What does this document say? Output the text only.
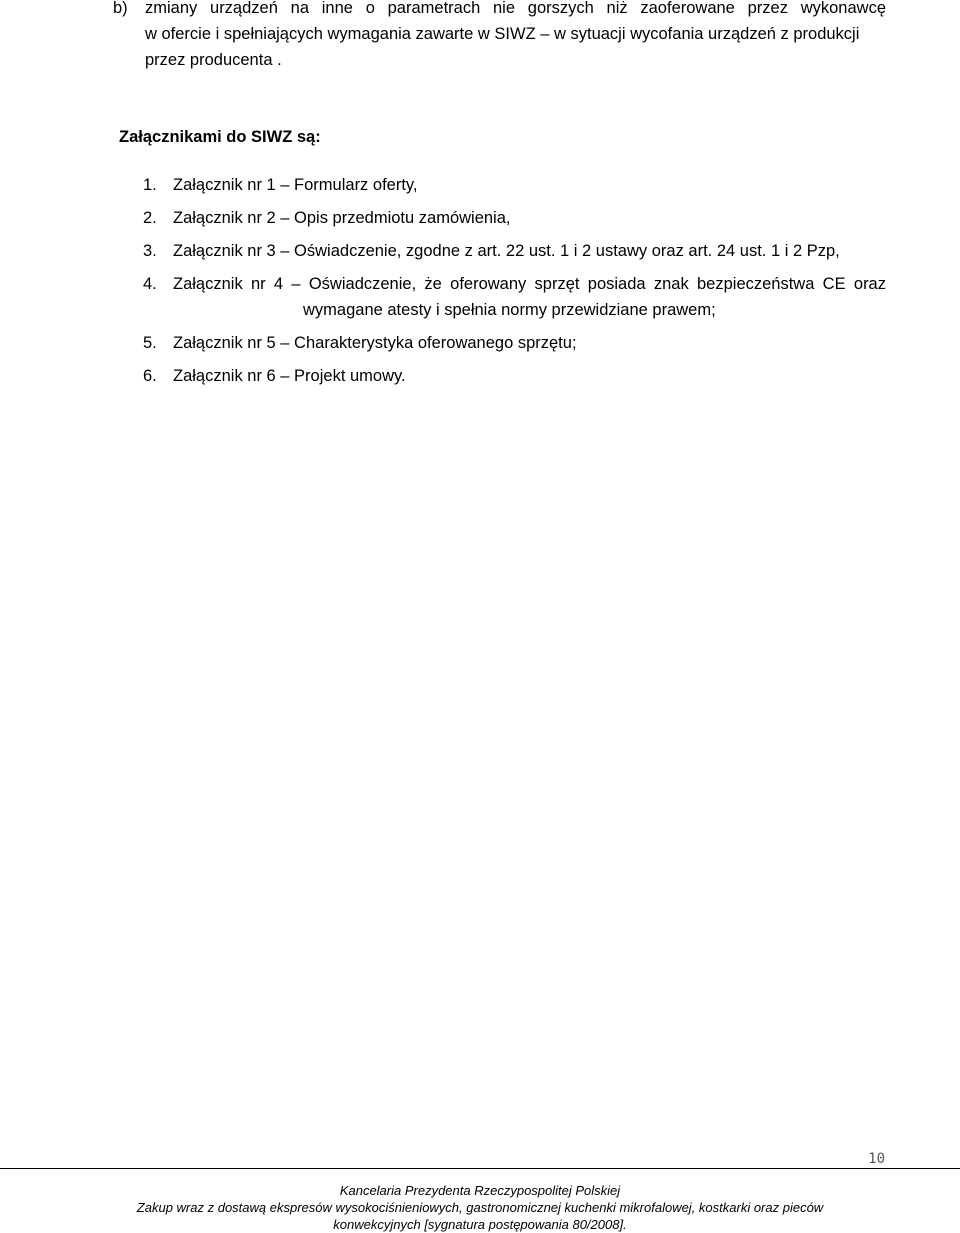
b) zmiany urządzeń na inne o parametrach nie gorszych niż zaoferowane przez wykonawcę
w ofercie i spełniających wymagania zawarte w SIWZ – w sytuacji wycofania urządzeń z produkcji
przez producenta .
Załącznikami do SIWZ są:
1. Załącznik nr 1 – Formularz oferty,
2. Załącznik nr 2 – Opis przedmiotu zamówienia,
3. Załącznik nr 3 – Oświadczenie, zgodne z art. 22 ust. 1 i 2 ustawy oraz art. 24 ust. 1 i 2 Pzp,
4. Załącznik nr 4 – Oświadczenie, że oferowany sprzęt posiada znak bezpieczeństwa CE oraz
wymagane atesty i spełnia normy przewidziane prawem;
5. Załącznik nr 5 – Charakterystyka oferowanego sprzętu;
6. Załącznik nr 6 – Projekt umowy.
10
Kancelaria Prezydenta Rzeczypospolitej Polskiej
Zakup wraz z dostawą ekspresów wysokociśnieniowych, gastronomicznej kuchenki mikrofalowej, kostkarki oraz pieców
konwekcyjnych [sygnatura postępowania 80/2008].
